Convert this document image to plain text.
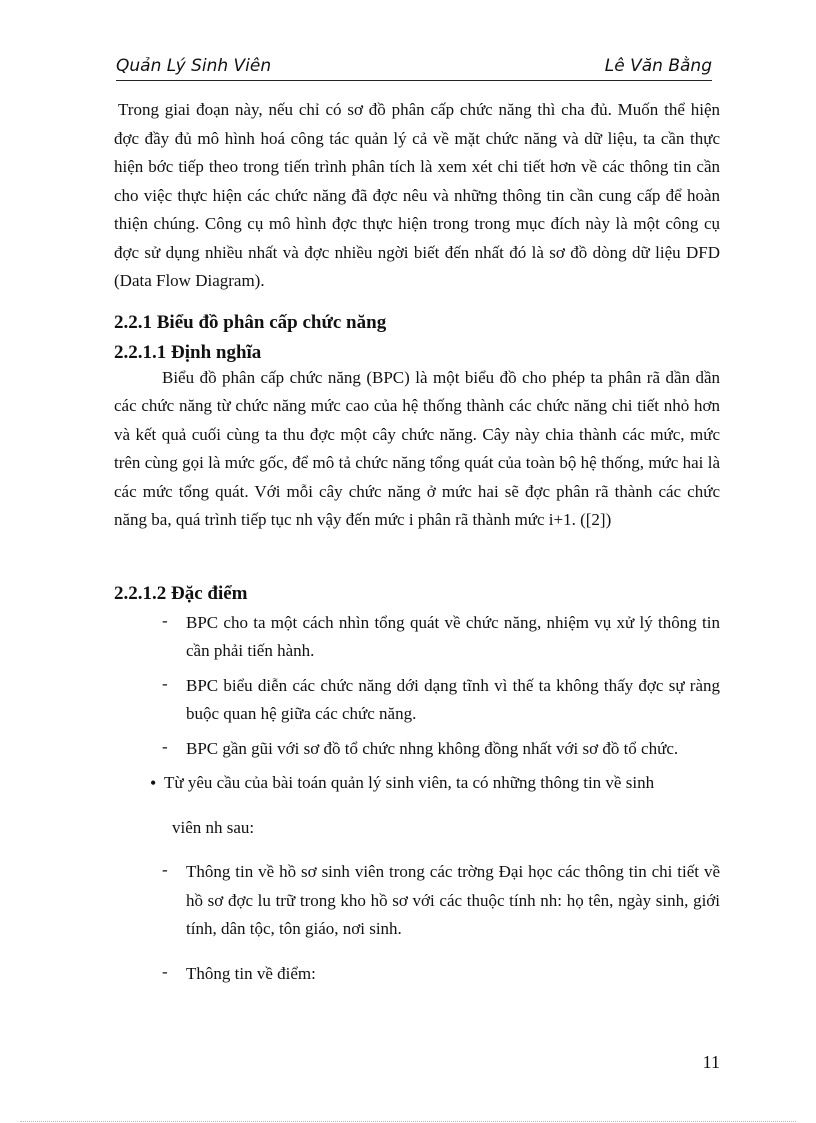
Quản Lý Sinh Viên	Lê Văn Bằng

Trong giai đoạn này, nếu chỉ có sơ đồ phân cấp chức năng thì cha đủ. Muốn thể hiện đợc đầy đủ mô hình hoá công tác quản lý cả về mặt chức năng và dữ liệu, ta cần thực hiện bớc tiếp theo trong tiến trình phân tích là xem xét chi tiết hơn về các thông tin cần cho việc thực hiện các chức năng đã đợc nêu và những thông tin cần cung cấp để hoàn thiện chúng. Công cụ mô hình đợc thực hiện trong trong mục đích này là một công cụ đợc sử dụng nhiều nhất và đợc nhiều ngời biết đến nhất đó là sơ đồ dòng dữ liệu DFD (Data Flow Diagram).

2.2.1 Biểu đồ phân cấp chức năng
2.2.1.1 Định nghĩa

Biểu đồ phân cấp chức năng (BPC) là một biểu đồ cho phép ta phân rã dần dần các chức năng từ chức năng mức cao của hệ thống thành các chức năng chi tiết nhỏ hơn và kết quả cuối cùng ta thu đợc một cây chức năng. Cây này chia thành các mức, mức trên cùng gọi là mức gốc, để mô tả chức năng tổng quát của toàn bộ hệ thống, mức hai là các mức tổng quát. Với mỗi cây chức năng ở mức hai sẽ đợc phân rã thành các chức năng ba, quá trình tiếp tục nh vậy đến mức i phân rã thành mức i+1. ([2])

2.2.1.2 Đặc điểm
- BPC cho ta một cách nhìn tổng quát về chức năng, nhiệm vụ xử lý thông tin cần phải tiến hành.
- BPC biểu diễn các chức năng dới dạng tĩnh vì thế ta không thấy đợc sự ràng buộc quan hệ giữa các chức năng.
- BPC gần gũi với sơ đồ tổ chức nhng không đồng nhất với sơ đồ tổ chức.

• Từ yêu cầu của bài toán quản lý sinh viên, ta có những thông tin về sinh

viên nh sau:

- Thông tin về hồ sơ sinh viên trong các trờng Đại học các thông tin chi tiết về hồ sơ đợc lu trữ trong kho hồ sơ với các thuộc tính nh: họ tên, ngày sinh, giới tính, dân tộc, tôn giáo, nơi sinh.
- Thông tin về điểm:
11
